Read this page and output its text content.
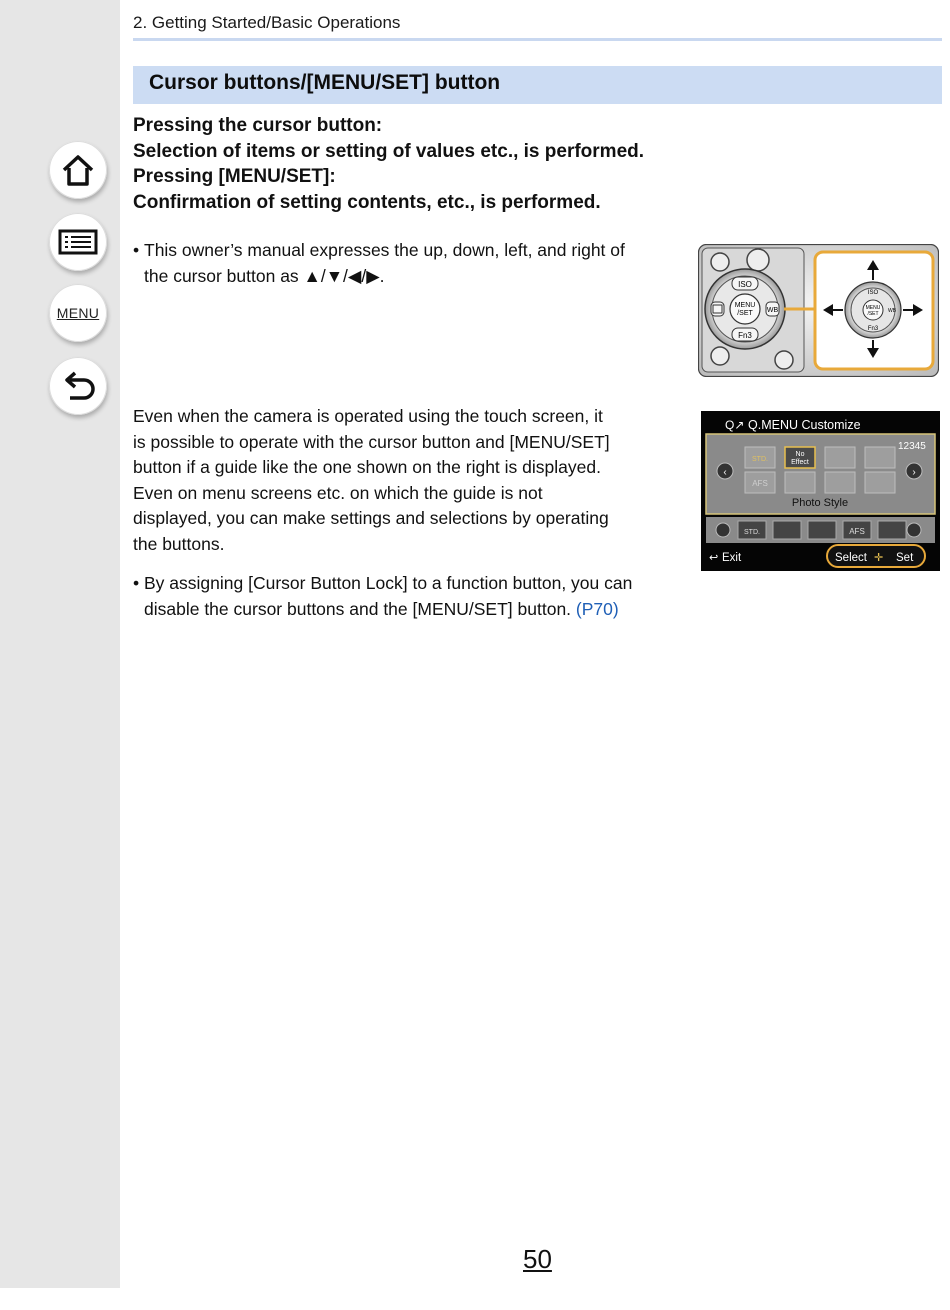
MENU
2. Getting Started/Basic Operations
Cursor buttons/[MENU/SET] button
Pressing the cursor button:
Selection of items or setting of values etc., is performed.
Pressing [MENU/SET]:
Confirmation of setting contents, etc., is performed.
• This owner’s manual expresses the up, down, left, and right of
the cursor button as ▲/▼/◀/▶.	ISO
Fn3
WB
MENU
/SET
ISO
Fn3
MENU
/SET WB
Even when the camera is operated using the touch screen, it
is possible to operate with the cursor button and [MENU/SET]
button if a guide like the one shown on the right is displayed.
Even on menu screens etc. on which the guide is not
displayed, you can make settings and selections by operating
the buttons.
Q↗ Q.MENU Customize
12345
‹	›
STD.
No
Effect
AFS
Photo Style
STD.	AFS
↩ Exit	Select ✛ Set
• By assigning [Cursor Button Lock] to a function button, you can
disable the cursor buttons and the [MENU/SET] button. (P70)
50
